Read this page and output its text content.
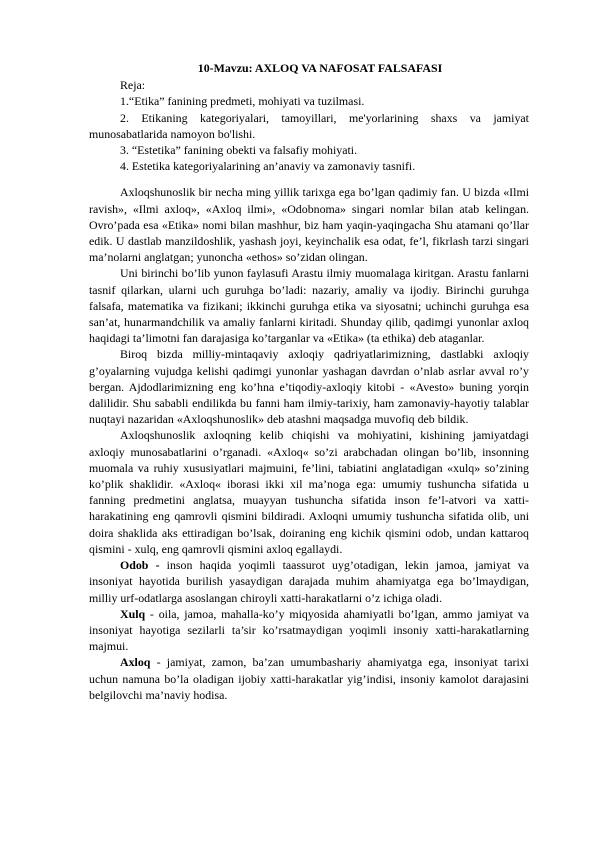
10-Mavzu: AXLOQ VA NAFOSAT FALSAFASI

Reja:

1.“Etika” fanining predmeti, mohiyati va tuzilmasi.

2. Etikaning kategoriyalari, tamoyillari, me'yorlarining shaxs va jamiyat munosabatlarida namoyon bo'lishi.

3. “Estetika” fanining obekti va falsafiy mohiyati.

4. Estetika kategoriyalarining an’anaviy va zamonaviy tasnifi.

Axloqshunoslik bir necha ming yillik tarixga ega bo’lgan qadimiy fan. U bizda «Ilmi ravish», «Ilmi axloq», «Axloq ilmi», «Odobnoma» singari nomlar bilan atab kelingan. Ovro’pada esa «Etika» nomi bilan mashhur, biz ham yaqin-yaqingacha Shu atamani qo’llar edik. U dastlab manzildoshlik, yashash joyi, keyinchalik esa odat, fe’l, fikrlash tarzi singari ma’nolarni anglatgan; yunoncha «ethos» so’zidan olingan.

Uni birinchi bo’lib yunon faylasufi Arastu ilmiy muomalaga kiritgan. Arastu fanlarni tasnif qilarkan, ularni uch guruhga bo’ladi: nazariy, amaliy va ijodiy. Birinchi guruhga falsafa, matematika va fizikani; ikkinchi guruhga etika va siyosatni; uchinchi guruhga esa san’at, hunarmandchilik va amaliy fanlarni kiritadi. Shunday qilib, qadimgi yunonlar axloq haqidagi ta’limotni fan darajasiga ko’targanlar va «Etika» (ta ethika) deb ataganlar.

Biroq bizda milliy-mintaqaviy axloqiy qadriyatlarimizning, dastlabki axloqiy g’oyalarning vujudga kelishi qadimgi yunonlar yashagan davrdan o’nlab asrlar avval ro’y bergan. Ajdodlarimizning eng ko’hna e’tiqodiy-axloqiy kitobi - «Avesto» buning yorqin dalilidir. Shu sababli endilikda bu fanni ham ilmiy-tarixiy, ham zamonaviy-hayotiy talablar nuqtayi nazaridan «Axloqshunoslik» deb atashni maqsadga muvofiq deb bildik.

Axloqshunoslik axloqning kelib chiqishi va mohiyatini, kishining jamiyatdagi axloqiy munosabatlarini o’rganadi. «Axloq« so’zi arabchadan olingan bo’lib, insonning muomala va ruhiy xususiyatlari majmuini, fe’lini, tabiatini anglatadigan «xulq» so’zining ko’plik shaklidir. «Axloq« iborasi ikki xil ma’noga ega: umumiy tushuncha sifatida u fanning predmetini anglatsa, muayyan tushuncha sifatida inson fe’l-atvori va xatti-harakatining eng qamrovli qismini bildiradi. Axloqni umumiy tushuncha sifatida olib, uni doira shaklida aks ettiradigan bo’lsak, doiraning eng kichik qismini odob, undan kattaroq qismini - xulq, eng qamrovli qismini axloq egallaydi.

Odob - inson haqida yoqimli taassurot uyg’otadigan, lekin jamoa, jamiyat va insoniyat hayotida burilish yasaydigan darajada muhim ahamiyatga ega bo’lmaydigan, milliy urf-odatlarga asoslangan chiroyli xatti-harakatlarni o’z ichiga oladi.

Xulq - oila, jamoa, mahalla-ko’y miqyosida ahamiyatli bo’lgan, ammo jamiyat va insoniyat hayotiga sezilarli ta’sir ko’rsatmaydigan yoqimli insoniy xatti-harakatlarning majmui.

Axloq - jamiyat, zamon, ba’zan umumbashariy ahamiyatga ega, insoniyat tarixi uchun namuna bo’la oladigan ijobiy xatti-harakatlar yig’indisi, insoniy kamolot darajasini belgilovchi ma’naviy hodisa.
